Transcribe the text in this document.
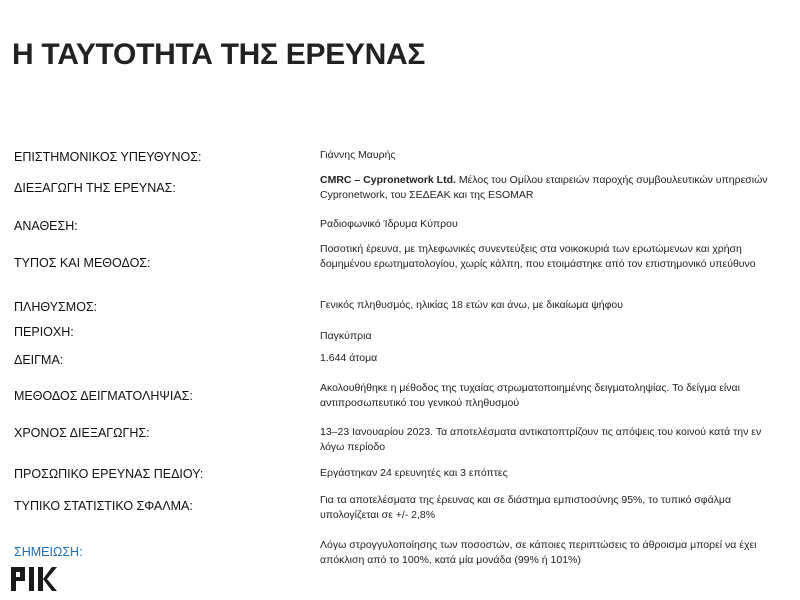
Η ΤΑΥΤΟΤΗΤΑ ΤΗΣ ΕΡΕΥΝΑΣ
ΕΠΙΣΤΗΜΟΝΙΚΟΣ ΥΠΕΥΘΥΝΟΣ:	Γιάννης Μαυρής
ΔΙΕΞΑΓΩΓΗ ΤΗΣ ΕΡΕΥΝΑΣ:
CMRC – Cypronetwork Ltd. Μέλος του Ομίλου εταιρειών παροχής συμβουλευτικών υπηρεσιών Cypronetwork, του ΣΕΔΕΑΚ και της ESOMAR
ΑΝΑΘΕΣΗ:	Ραδιοφωνικό Ίδρυμα Κύπρου
ΤΥΠΟΣ ΚΑΙ ΜΕΘΟΔΟΣ:
Ποσοτική έρευνα, με τηλεφωνικές συνεντεύξεις στα νοικοκυριά των ερωτώμενων και χρήση δομημένου ερωτηματολογίου, χωρίς κάλπη, που ετοιμάστηκε από τον επιστημονικό υπεύθυνο
ΠΛΗΘΥΣΜΟΣ:	Γενικός πληθυσμός, ηλικίας 18 ετών και άνω, με δικαίωμα ψήφου
ΠΕΡΙΟΧΗ:	Παγκύπρια
ΔΕΙΓΜΑ:	1.644 άτομα
ΜΕΘΟΔΟΣ ΔΕΙΓΜΑΤΟΛΗΨΙΑΣ:
Ακολουθήθηκε η μέθοδος της τυχαίας στρωματοποιημένης δειγματοληψίας. Το δείγμα είναι αντιπροσωπευτικό του γενικού πληθυσμού
ΧΡΟΝΟΣ ΔΙΕΞΑΓΩΓΗΣ:	13–23 Ιανουαρίου 2023. Τα αποτελέσματα αντικατοπτρίζουν τις απόψεις του κοινού κατά την εν λόγω περίοδο
ΠΡΟΣΩΠΙΚΟ ΕΡΕΥΝΑΣ ΠΕΔΙΟΥ:	Εργάστηκαν 24 ερευνητές και 3 επόπτες
ΤΥΠΙΚΟ ΣΤΑΤΙΣΤΙΚΟ ΣΦΑΛΜΑ:	Για τα αποτελέσματα της έρευνας και σε διάστημα εμπιστοσύνης 95%, το τυπικό σφάλμα υπολογίζεται σε +/- 2,8%
ΣΗΜΕΙΩΣΗ:	Λόγω στρογγυλοποίησης των ποσοστών, σε κάποιες περιπτώσεις το άθροισμα μπορεί να έχει απόκλιση από το 100%, κατά μία μονάδα (99% ή 101%)
